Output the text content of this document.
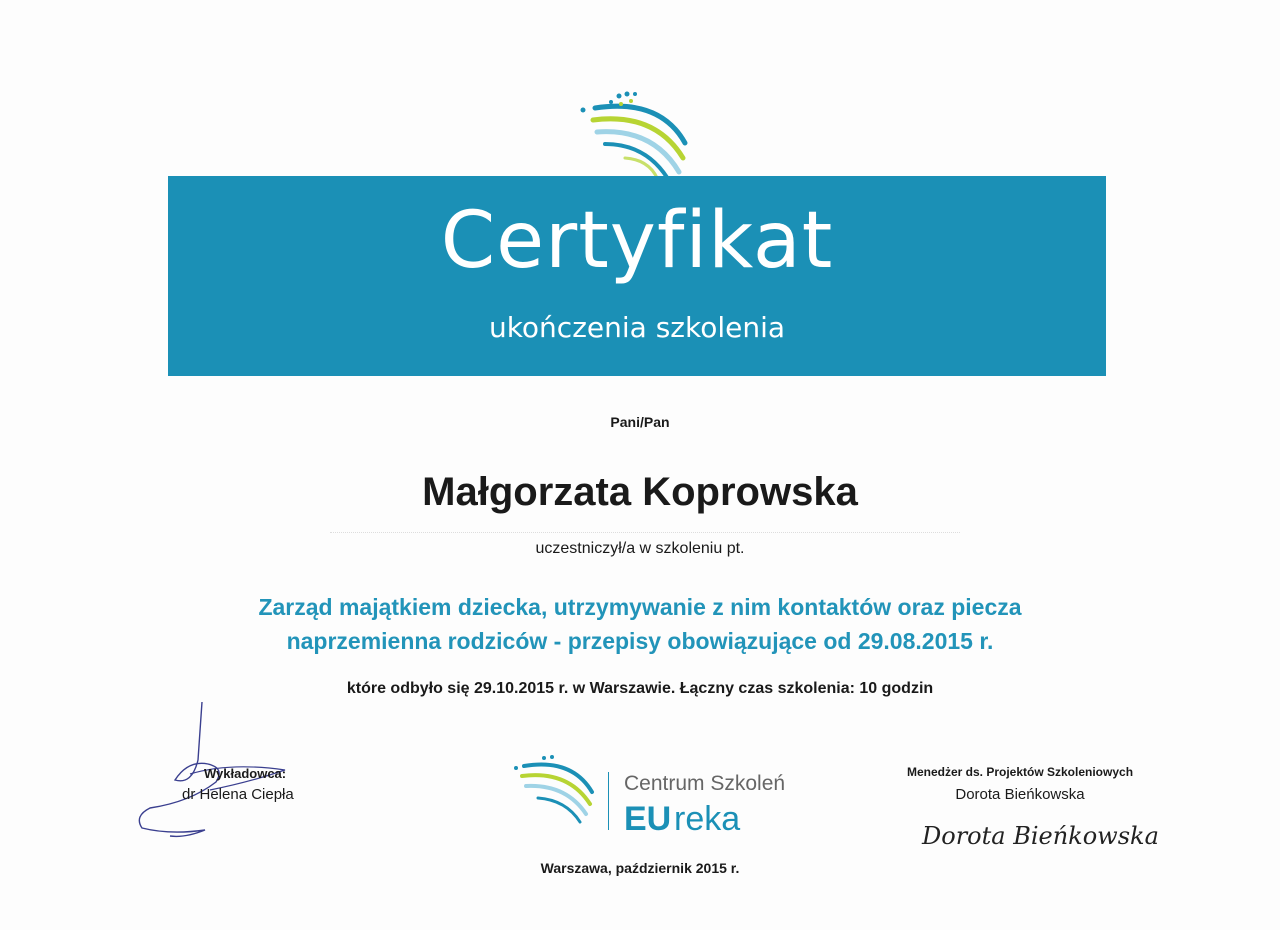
Certyfikat
ukończenia szkolenia
Pani/Pan
Małgorzata Koprowska
uczestniczył/a w szkoleniu pt.
Zarząd majątkiem dziecka, utrzymywanie z nim kontaktów oraz piecza
naprzemienna rodziców - przepisy obowiązujące od 29.08.2015 r.
które odbyło się 29.10.2015 r. w Warszawie. Łączny czas szkolenia: 10 godzin
Wykładowca:
dr Helena Ciepła	Centrum Szkoleń
EU reka
Warszawa, październik 2015 r.
Menedżer ds. Projektów Szkoleniowych
Dorota Bieńkowska
Dorota Bieńkowska
